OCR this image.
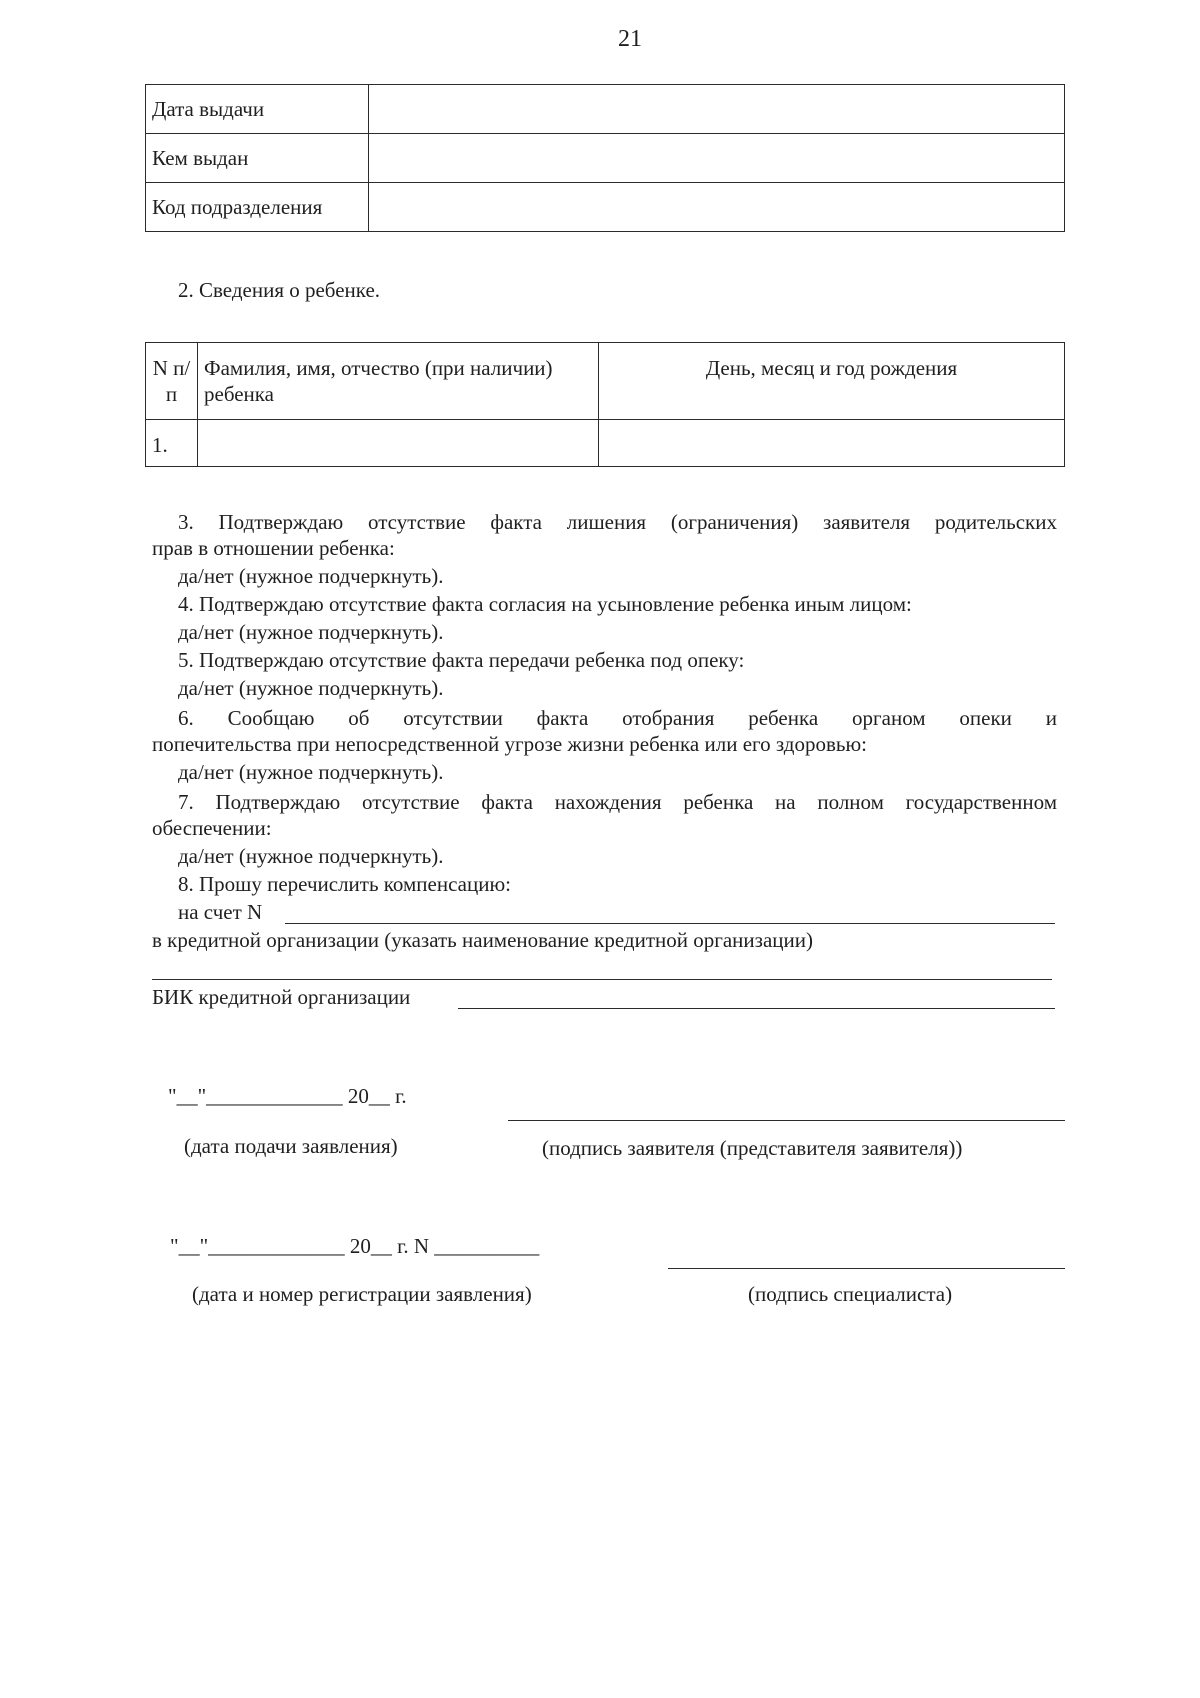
21
Дата выдачи	
Кем выдан	
Код подразделения	
2. Сведения о ребенке.
N п/п	Фамилия, имя, отчество (при наличии) ребенка	День, месяц и год рождения
1.		
3. Подтверждаю отсутствие факта лишения (ограничения) заявителя родительских
прав в отношении ребенка:
да/нет (нужное подчеркнуть).
4. Подтверждаю отсутствие факта согласия на усыновление ребенка иным лицом:
да/нет (нужное подчеркнуть).
5. Подтверждаю отсутствие факта передачи ребенка под опеку:
да/нет (нужное подчеркнуть).
6. Сообщаю об отсутствии факта отобрания ребенка органом опеки и
попечительства при непосредственной угрозе жизни ребенка или его здоровью:
да/нет (нужное подчеркнуть).
7. Подтверждаю отсутствие факта нахождения ребенка на полном государственном
обеспечении:
да/нет (нужное подчеркнуть).
8. Прошу перечислить компенсацию:
на счет N
в кредитной организации (указать наименование кредитной организации)
БИК кредитной организации
"__"_____________ 20__ г.
(дата подачи заявления)	(подпись заявителя (представителя заявителя))
"__"_____________ 20__ г. N __________
(дата и номер регистрации заявления)	(подпись специалиста)
